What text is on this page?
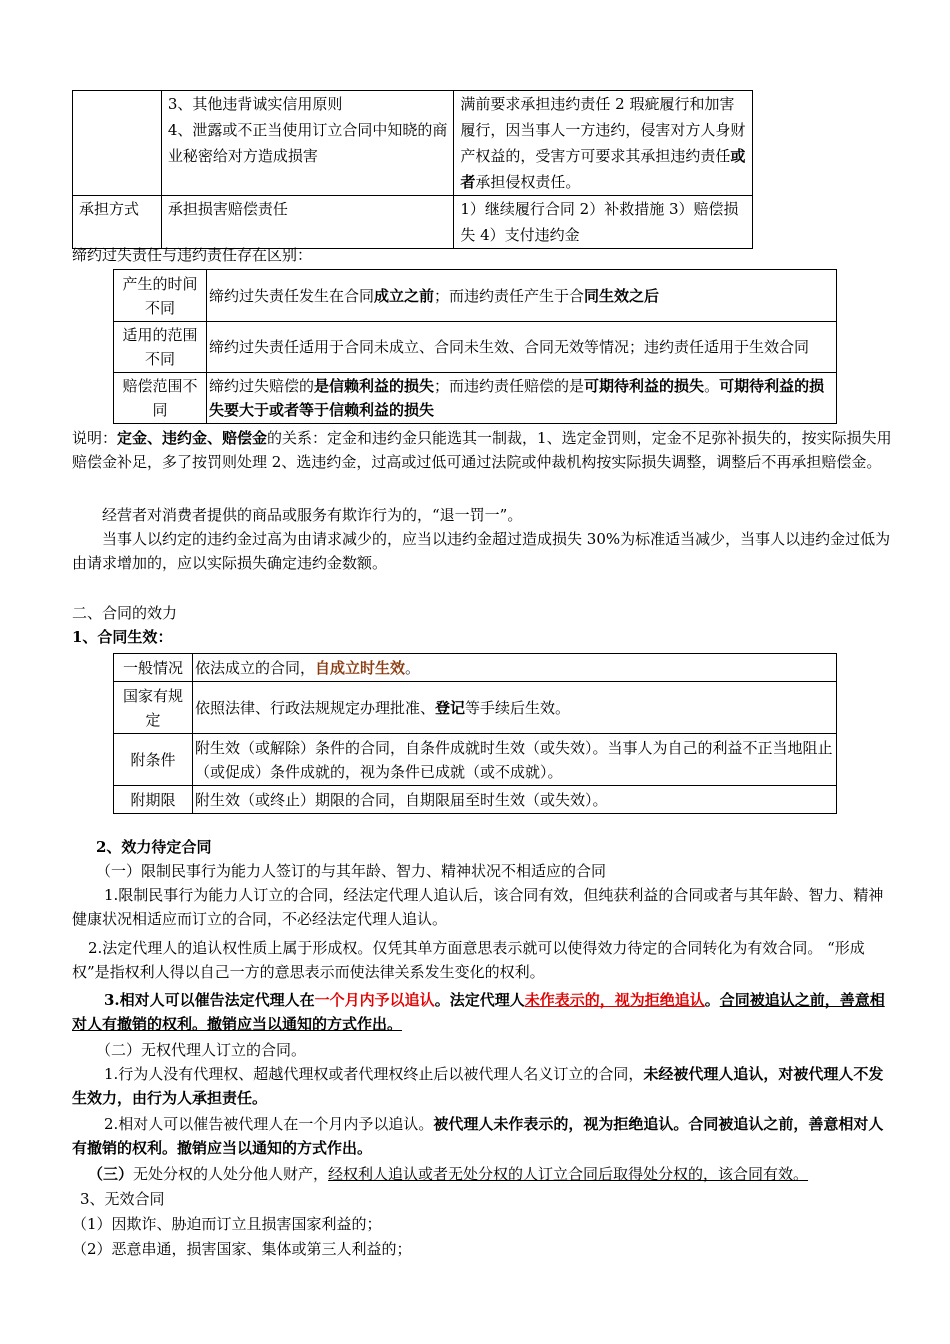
	3、其他违背诚实信用原则
4、泄露或不正当使用订立合同中知晓的商业秘密给对方造成损害	满前要求承担违约责任 2 瑕疵履行和加害履行，因当事人一方违约，侵害对方人身财产权益的，受害方可要求其承担违约责任或者承担侵权责任。
承担方式	承担损害赔偿责任	1）继续履行合同 2）补救措施 3）赔偿损失 4）支付违约金
缔约过失责任与违约责任存在区别：
产生的时间不同	缔约过失责任发生在合同成立之前；而违约责任产生于合同生效之后
适用的范围不同	缔约过失责任适用于合同未成立、合同未生效、合同无效等情况；违约责任适用于生效合同
赔偿范围不同	缔约过失赔偿的是信赖利益的损失；而违约责任赔偿的是可期待利益的损失。可期待利益的损失要大于或者等于信赖利益的损失
说明：定金、违约金、赔偿金的关系：定金和违约金只能选其一制裁，1、选定金罚则，定金不足弥补损失的，按实际损失用赔偿金补足，多了按罚则处理 2、选违约金，过高或过低可通过法院或仲裁机构按实际损失调整，调整后不再承担赔偿金。
经营者对消费者提供的商品或服务有欺诈行为的，“退一罚一”。
当事人以约定的违约金过高为由请求减少的，应当以违约金超过造成损失 30%为标准适当减少，当事人以违约金过低为由请求增加的，应以实际损失确定违约金数额。
二、合同的效力
1、合同生效：
一般情况	依法成立的合同，自成立时生效。
国家有规定	依照法律、行政法规规定办理批准、登记等手续后生效。
附条件	附生效（或解除）条件的合同，自条件成就时生效（或失效）。当事人为自己的利益不正当地阻止（或促成）条件成就的，视为条件已成就（或不成就）。
附期限	附生效（或终止）期限的合同，自期限届至时生效（或失效）。
2、效力待定合同
（一）限制民事行为能力人签订的与其年龄、智力、精神状况不相适应的合同
1.限制民事行为能力人订立的合同，经法定代理人追认后，该合同有效，但纯获利益的合同或者与其年龄、智力、精神健康状况相适应而订立的合同，不必经法定代理人追认。
2.法定代理人的追认权性质上属于形成权。仅凭其单方面意思表示就可以使得效力待定的合同转化为有效合同。 “形成权”是指权利人得以自己一方的意思表示而使法律关系发生变化的权利。
3.相对人可以催告法定代理人在一个月内予以追认。法定代理人未作表示的，视为拒绝追认。合同被追认之前，善意相对人有撤销的权利。撤销应当以通知的方式作出。
（二）无权代理人订立的合同。
1.行为人没有代理权、超越代理权或者代理权终止后以被代理人名义订立的合同，未经被代理人追认，对被代理人不发生效力，由行为人承担责任。
2.相对人可以催告被代理人在一个月内予以追认。被代理人未作表示的，视为拒绝追认。合同被追认之前，善意相对人有撤销的权利。撤销应当以通知的方式作出。
（三）无处分权的人处分他人财产，经权利人追认或者无处分权的人订立合同后取得处分权的，该合同有效。
3、无效合同
（1）因欺诈、胁迫而订立且损害国家利益的；
（2）恶意串通，损害国家、集体或第三人利益的；
